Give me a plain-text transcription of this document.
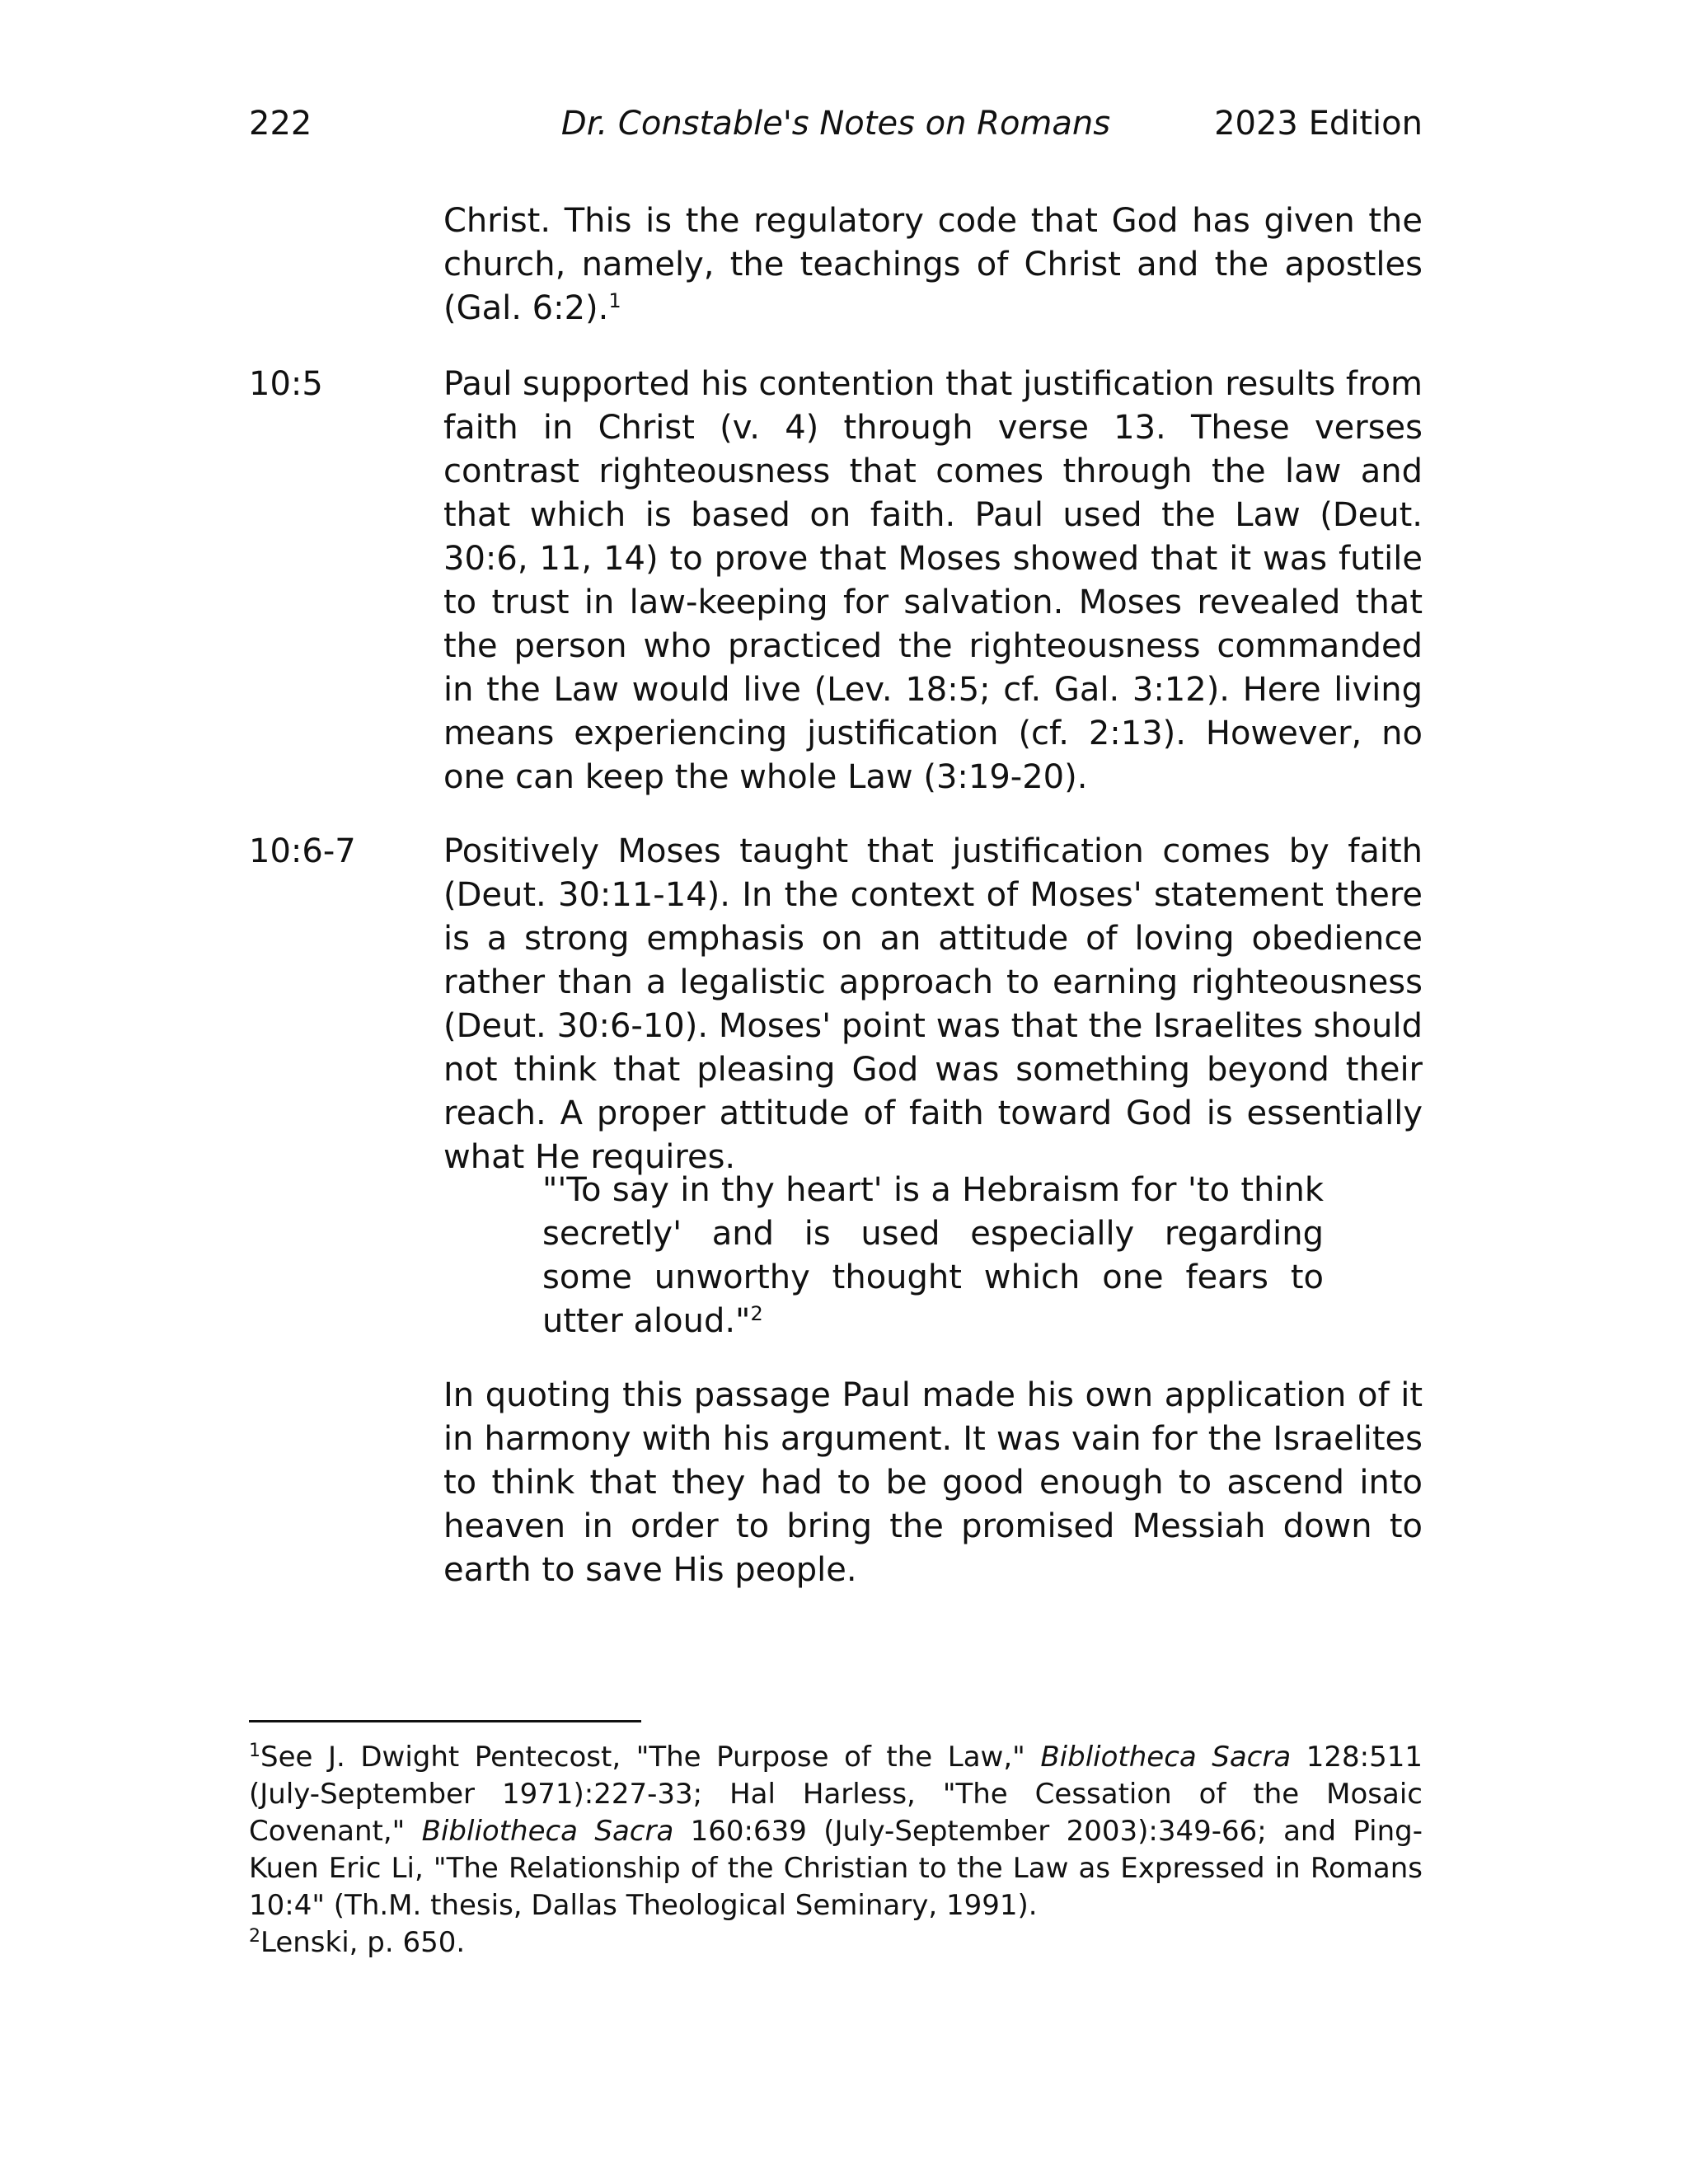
222	Dr. Constable's Notes on Romans	2023 Edition
Christ. This is the regulatory code that God has given the church, namely, the teachings of Christ and the apostles (Gal. 6:2).$^1$
10:5	Paul supported his contention that justification results from faith in Christ (v. 4) through verse 13. These verses contrast righteousness that comes through the law and that which is based on faith. Paul used the Law (Deut. 30:6, 11, 14) to prove that Moses showed that it was futile to trust in law-keeping for salvation. Moses revealed that the person who practiced the righteousness commanded in the Law would live (Lev. 18:5; cf. Gal. 3:12). Here living means experiencing justification (cf. 2:13). However, no one can keep the whole Law (3:19-20).
10:6-7	Positively Moses taught that justification comes by faith (Deut. 30:11-14). In the context of Moses' statement there is a strong emphasis on an attitude of loving obedience rather than a legalistic approach to earning righteousness (Deut. 30:6-10). Moses' point was that the Israelites should not think that pleasing God was something beyond their reach. A proper attitude of faith toward God is essentially what He requires.
"'To say in thy heart' is a Hebraism for 'to think secretly' and is used especially regarding some unworthy thought which one fears to utter aloud."$^2$
In quoting this passage Paul made his own application of it in harmony with his argument. It was vain for the Israelites to think that they had to be good enough to ascend into heaven in order to bring the promised Messiah down to earth to save His people.

$^1$See J. Dwight Pentecost, "The Purpose of the Law," Bibliotheca Sacra 128:511 (July-September 1971):227-33; Hal Harless, "The Cessation of the Mosaic Covenant," Bibliotheca Sacra 160:639 (July-September 2003):349-66; and Ping-Kuen Eric Li, "The Relationship of the Christian to the Law as Expressed in Romans 10:4" (Th.M. thesis, Dallas Theological Seminary, 1991).

$^2$Lenski, p. 650.
